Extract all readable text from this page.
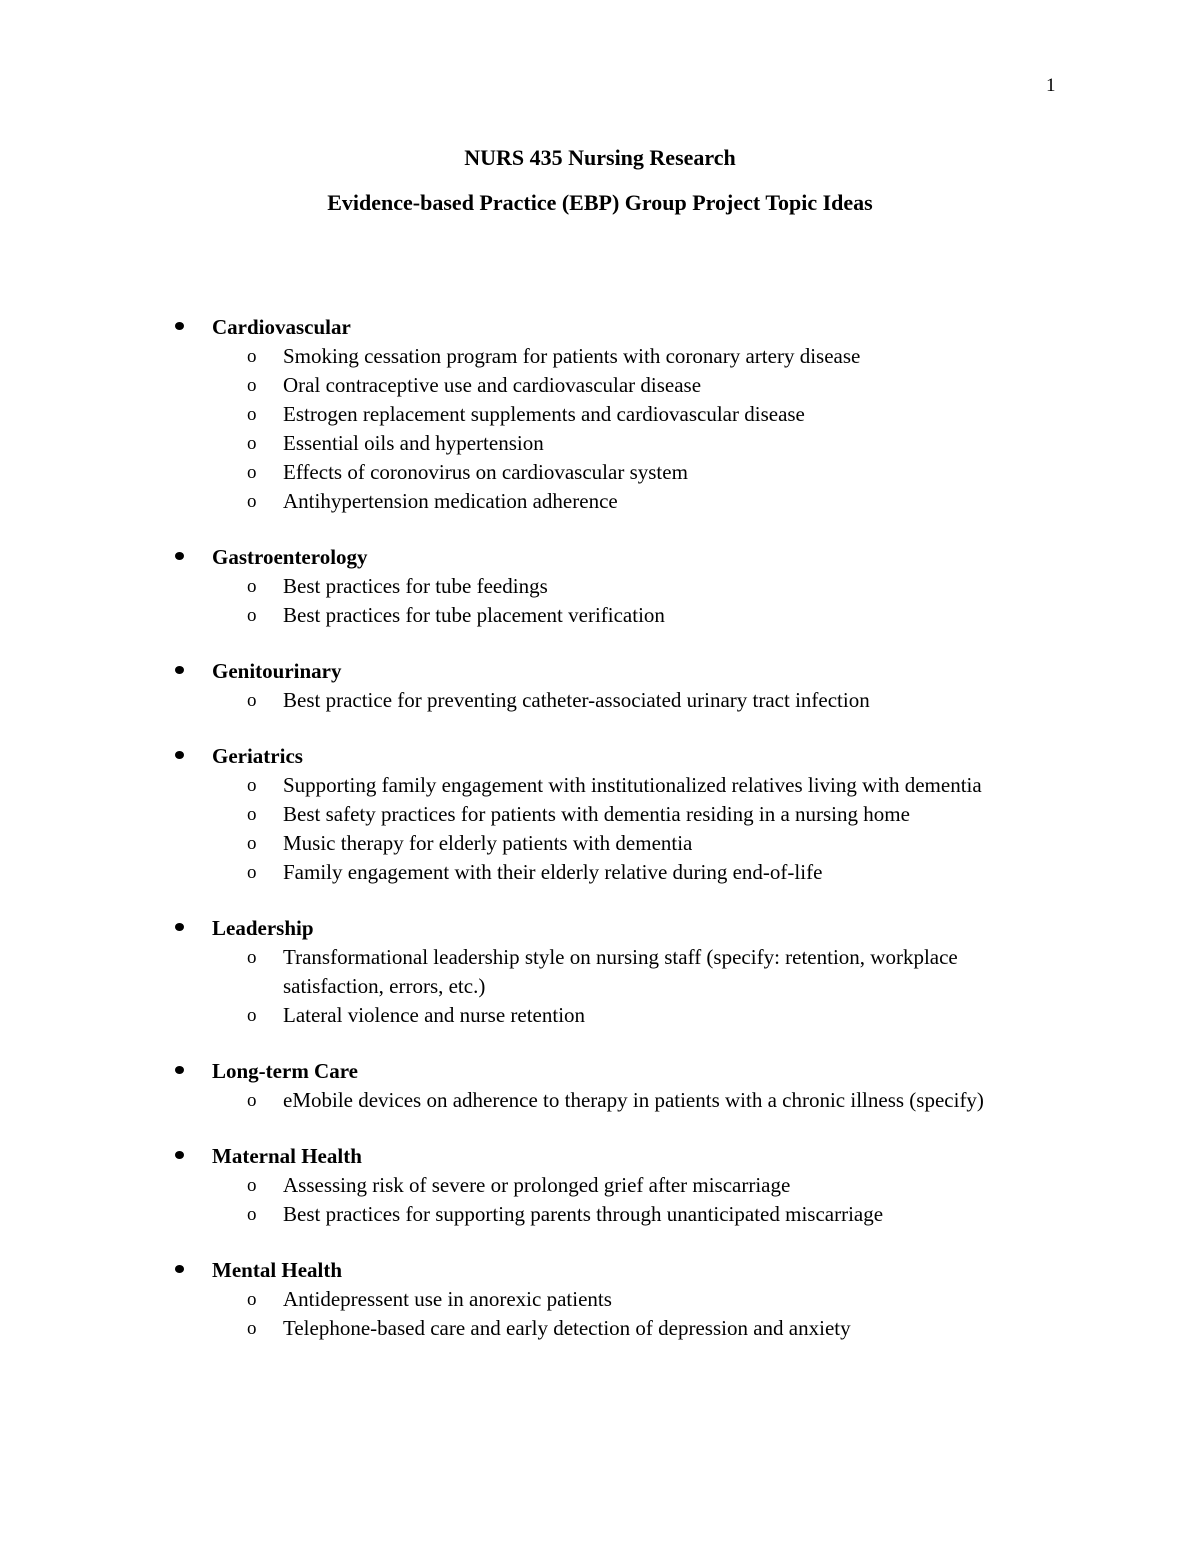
1
NURS 435 Nursing Research
Evidence-based Practice (EBP) Group Project Topic Ideas
Cardiovascular
o	Smoking cessation program for patients with coronary artery disease
o	Oral contraceptive use and cardiovascular disease
o	Estrogen replacement supplements and cardiovascular disease
o	Essential oils and hypertension
o	Effects of coronovirus on cardiovascular system
o	Antihypertension medication adherence
Gastroenterology
o	Best practices for tube feedings
o	Best practices for tube placement verification
Genitourinary
o	Best practice for preventing catheter-associated urinary tract infection
Geriatrics
o	Supporting family engagement with institutionalized relatives living with dementia
o	Best safety practices for patients with dementia residing in a nursing home
o	Music therapy for elderly patients with dementia
o	Family engagement with their elderly relative during end-of-life
Leadership
o	Transformational leadership style on nursing staff (specify: retention, workplace satisfaction, errors, etc.)
o	Lateral violence and nurse retention
Long-term Care
o	eMobile devices on adherence to therapy in patients with a chronic illness (specify)
Maternal Health
o	Assessing risk of severe or prolonged grief after miscarriage
o	Best practices for supporting parents through unanticipated miscarriage
Mental Health
o	Antidepressent use in anorexic patients
o	Telephone-based care and early detection of depression and anxiety
